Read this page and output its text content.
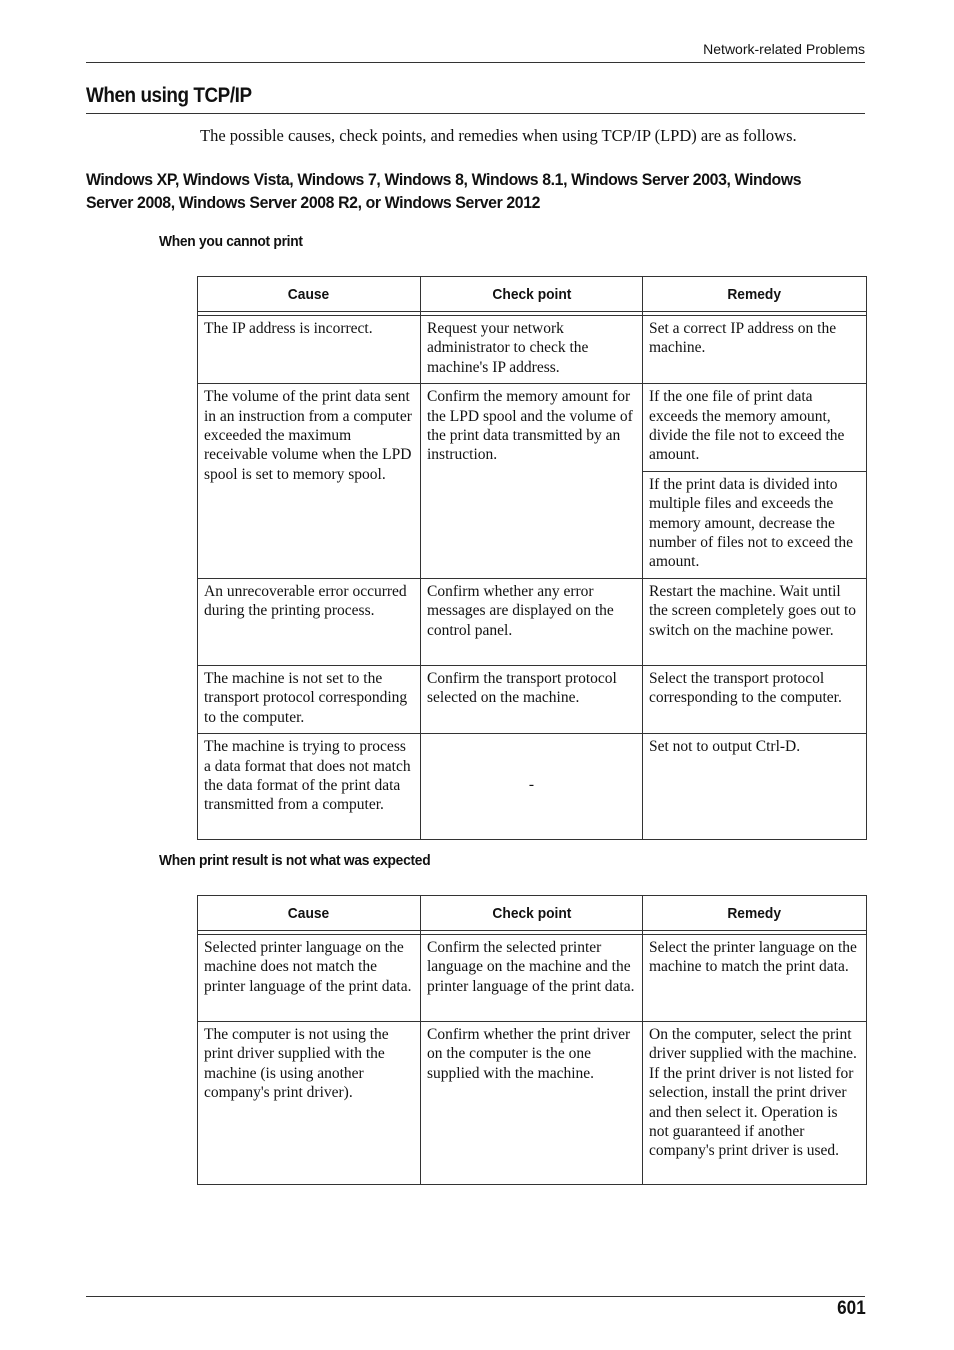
Network-related Problems
When using TCP/IP
The possible causes, check points, and remedies when using TCP/IP (LPD) are as follows.
Windows XP, Windows Vista, Windows 7, Windows 8, Windows 8.1, Windows Server 2003, Windows Server 2008, Windows Server 2008 R2, or Windows Server 2012
When you cannot print
Cause	Check point	Remedy

The IP address is incorrect.	Request your network administrator to check the machine's IP address.	Set a correct IP address on the machine.
The volume of the print data sent in an instruction from a computer exceeded the maximum receivable volume when the LPD spool is set to memory spool.	Confirm the memory amount for the LPD spool and the volume of the print data transmitted by an instruction.	If the one file of print data exceeds the memory amount, divide the file not to exceed the amount.
		If the print data is divided into multiple files and exceeds the memory amount, decrease the number of files not to exceed the amount.
An unrecoverable error occurred during the printing process.	Confirm whether any error messages are displayed on the control panel.	Restart the machine. Wait until the screen completely goes out to switch on the machine power.
The machine is not set to the transport protocol corresponding to the computer.	Confirm the transport protocol selected on the machine.	Select the transport protocol corresponding to the computer.
The machine is trying to process a data format that does not match the data format of the print data transmitted from a computer.	-	Set not to output Ctrl-D.
When print result is not what was expected
Cause	Check point	Remedy

Selected printer language on the machine does not match the printer language of the print data.	Confirm the selected printer language on the machine and the printer language of the print data.	Select the printer language on the machine to match the print data.
The computer is not using the print driver supplied with the machine (is using another company's print driver).	Confirm whether the print driver on the computer is the one supplied with the machine.	On the computer, select the print driver supplied with the machine. If the print driver is not listed for selection, install the print driver and then select it. Operation is not guaranteed if another company's print driver is used.
601
